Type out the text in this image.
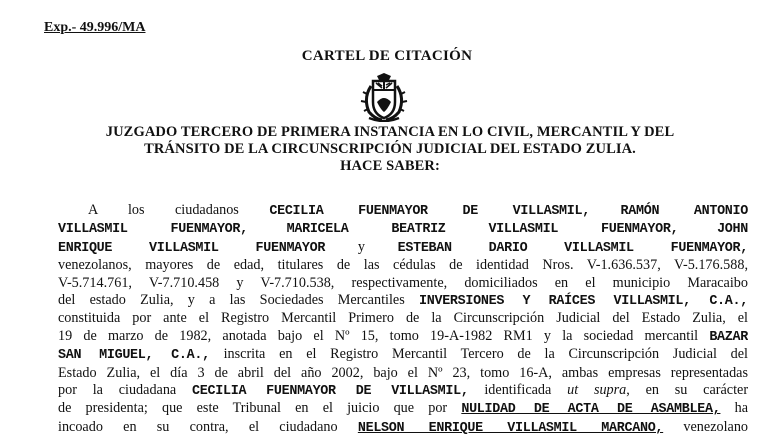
Exp.- 49.996/MA
CARTEL DE CITACIÓN
JUZGADO TERCERO DE PRIMERA INSTANCIA EN LO CIVIL, MERCANTIL Y DEL
TRÁNSITO DE LA CIRCUNSCRIPCIÓN JUDICIAL DEL ESTADO ZULIA.
HACE SABER:
A los ciudadanos CECILIA FUENMAYOR DE VILLASMIL, RAMÓN ANTONIO
VILLASMIL FUENMAYOR,	MARICELA BEATRIZ VILLASMIL FUENMAYOR,	JOHN
ENRIQUE VILLASMIL FUENMAYOR y ESTEBAN DARIO VILLASMIL FUENMAYOR,
venezolanos, mayores de edad, titulares de las cédulas de identidad Nros. V-1.636.537, V-5.176.588,
V-5.714.761, V-7.710.458 y V-7.710.538, respectivamente, domiciliados en el municipio Maracaibo
del estado Zulia, y a las Sociedades Mercantiles INVERSIONES Y RAÍCES VILLASMIL, C.A.,
constituida por ante el Registro Mercantil Primero de la Circunscripción Judicial del Estado Zulia, el
19 de marzo de 1982, anotada bajo el Nº 15, tomo 19-A-1982 RM1 y la sociedad mercantil BAZAR
SAN MIGUEL, C.A., inscrita en el Registro Mercantil Tercero de la Circunscripción Judicial del
Estado Zulia, el día 3 de abril del año 2002, bajo el Nº 23, tomo 16-A, ambas empresas representadas
por la ciudadana CECILIA FUENMAYOR DE VILLASMIL, identificada ut supra, en su carácter
de presidenta; que este Tribunal en el juicio que por NULIDAD DE ACTA DE ASAMBLEA, ha
incoado en su contra, el ciudadano NELSON ENRIQUE VILLASMIL MARCANO, venezolano
